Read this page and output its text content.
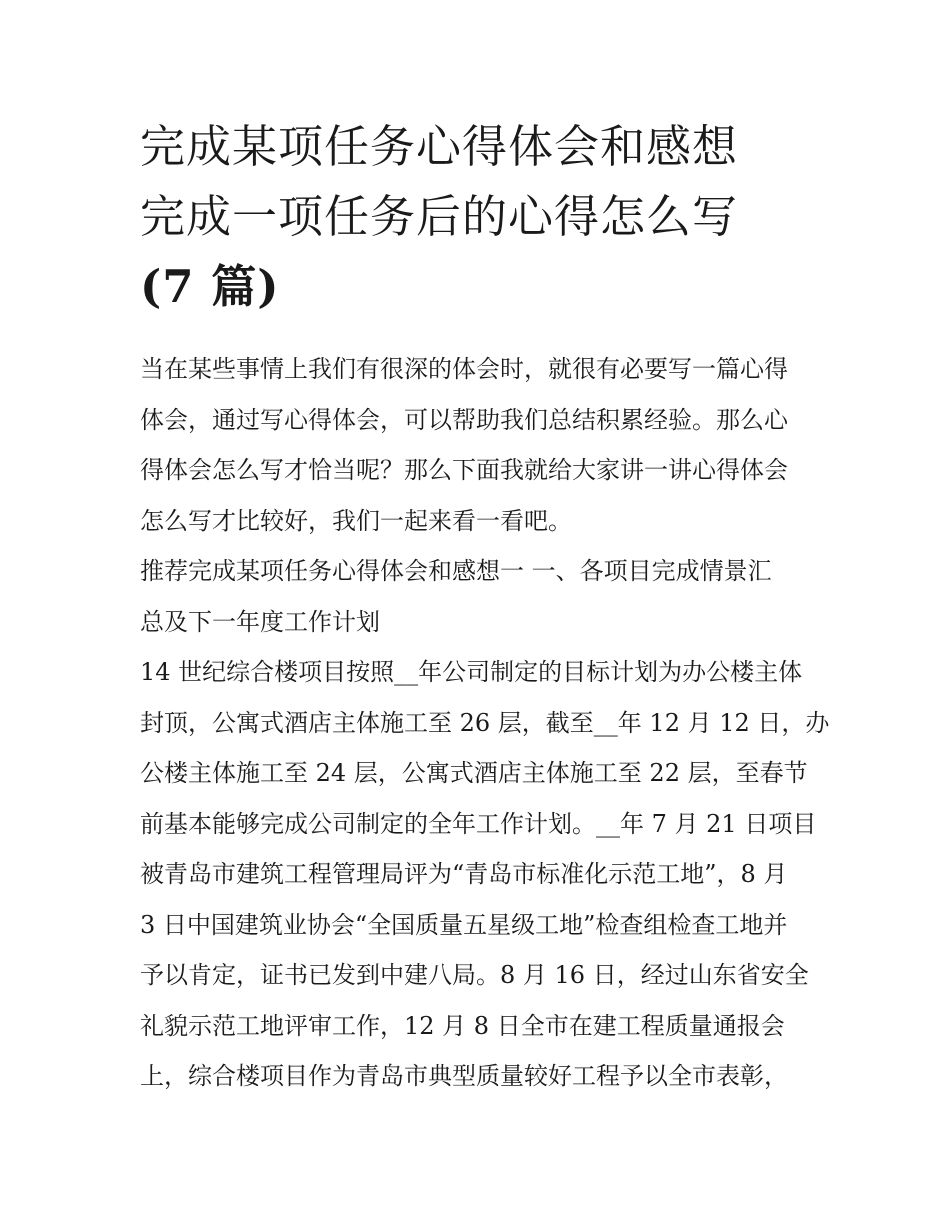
完成某项任务心得体会和感想
完成一项任务后的心得怎么写
(7 篇)
当在某些事情上我们有很深的体会时，就很有必要写一篇心得
体会，通过写心得体会，可以帮助我们总结积累经验。那么心
得体会怎么写才恰当呢？那么下面我就给大家讲一讲心得体会
怎么写才比较好，我们一起来看一看吧。
推荐完成某项任务心得体会和感想一 一、各项目完成情景汇
总及下一年度工作计划
14 世纪综合楼项目按照__年公司制定的目标计划为办公楼主体
封顶，公寓式酒店主体施工至 26 层，截至__年 12 月 12 日，办
公楼主体施工至 24 层，公寓式酒店主体施工至 22 层，至春节
前基本能够完成公司制定的全年工作计划。__年 7 月 21 日项目
被青岛市建筑工程管理局评为“青岛市标准化示范工地”，8 月
3 日中国建筑业协会“全国质量五星级工地”检查组检查工地并
予以肯定，证书已发到中建八局。8 月 16 日，经过山东省安全
礼貌示范工地评审工作，12 月 8 日全市在建工程质量通报会
上，综合楼项目作为青岛市典型质量较好工程予以全市表彰，
